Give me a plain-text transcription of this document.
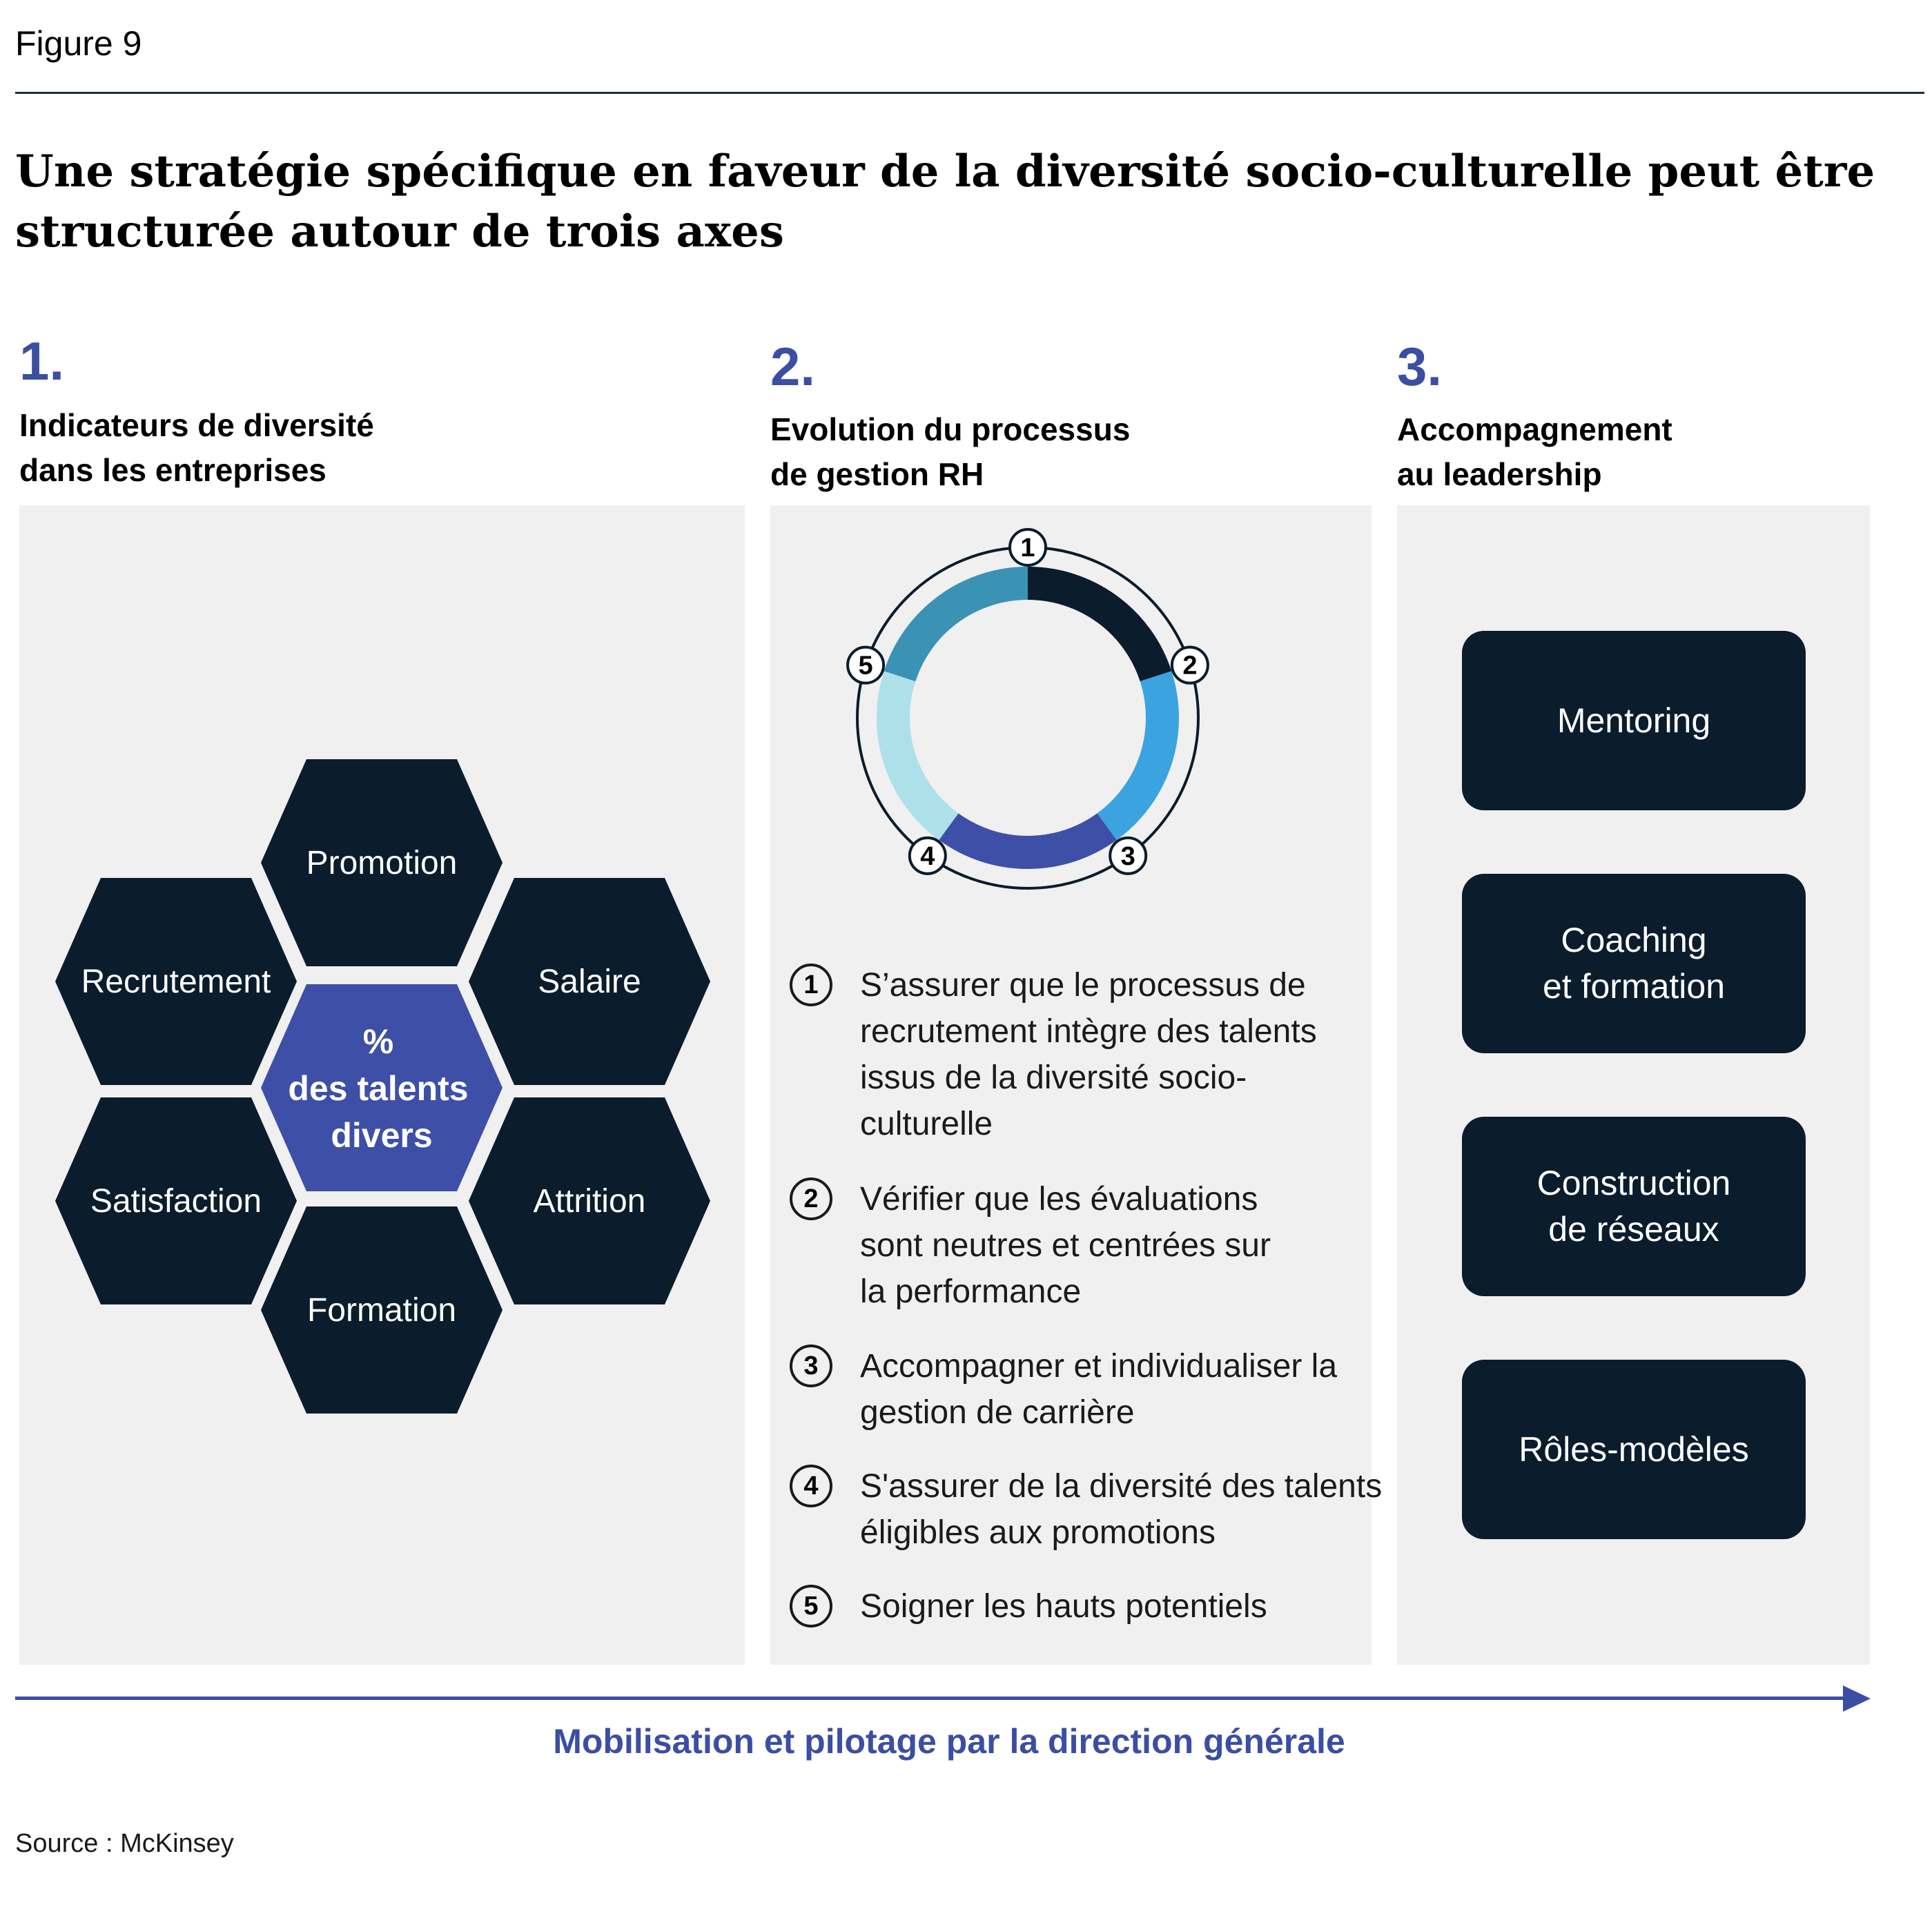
Figure 9
Une stratégie spécifique en faveur de la diversité socio-culturelle peut être structurée autour de trois axes
1.
Indicateurs de diversité
dans les entreprises
2.
Evolution du processus
de gestion RH
3.
Accompagnement
au leadership
Promotion
Recrutement	Salaire
%
des talents
divers
Satisfaction	Attrition
Formation
1
2
3
4
5
1	S’assurer que le processus de recrutement intègre des talents issus de la diversité socio-culturelle
2	Vérifier que les évaluations sont neutres et centrées sur la performance
3	Accompagner et individualiser la gestion de carrière
4	S'assurer de la diversité des talents éligibles aux promotions
5	Soigner les hauts potentiels
Mentoring
Coaching
et formation
Construction
de réseaux
Rôles-modèles
Mobilisation et pilotage par la direction générale
Source : McKinsey
